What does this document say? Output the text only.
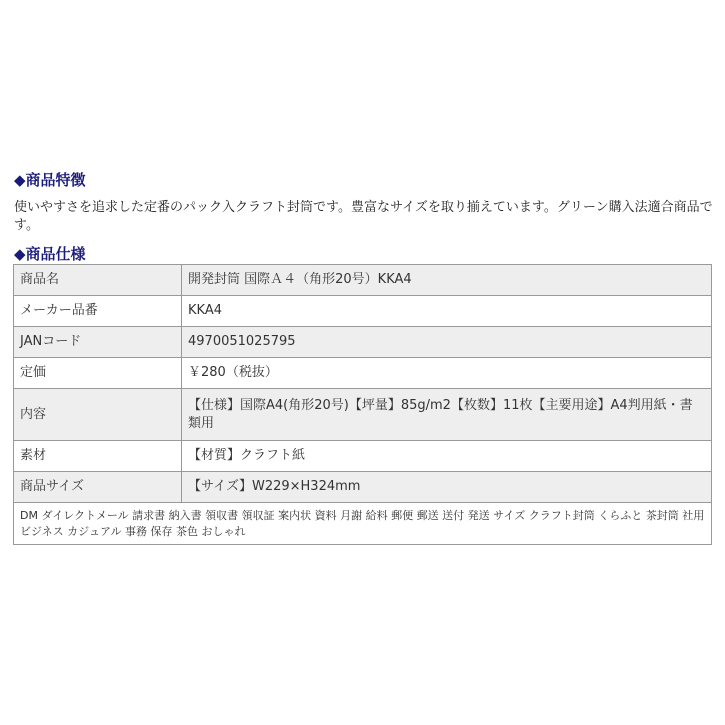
◆商品特徴
使いやすさを追求した定番のパック入クラフト封筒です。豊富なサイズを取り揃えています。グリーン購入法適合商品です。
◆商品仕様
商品名	開発封筒 国際Ａ４（角形20号）KKA4
メーカー品番	KKA4
JANコード	4970051025795
定価	￥280（税抜）
内容	【仕様】国際A4(角形20号)【坪量】85g/m2【枚数】11枚【主要用途】A4判用紙・書類用
素材	【材質】クラフト紙
商品サイズ	【サイズ】W229×H324mm
DM ダイレクトメール 請求書 納入書 領収書 領収証 案内状 資料 月謝 給料 郵便 郵送 送付 発送 サイズ クラフト封筒 くらふと 茶封筒 社用 ビジネス カジュアル 事務 保存 茶色 おしゃれ	
